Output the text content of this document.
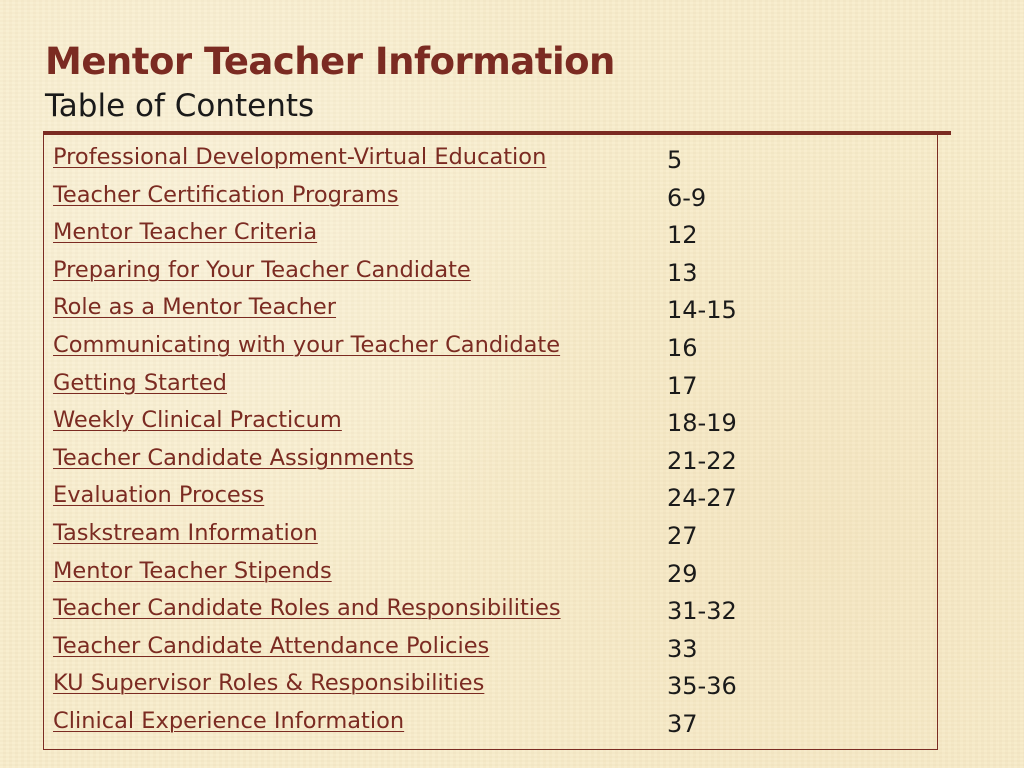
Mentor Teacher Information
Table of Contents
Professional Development-Virtual Education	5
Teacher Certification Programs	6-9
Mentor Teacher Criteria	12
Preparing for Your Teacher Candidate	13
Role as a Mentor Teacher	14-15
Communicating with your Teacher Candidate	16
Getting Started	17
Weekly Clinical Practicum	18-19
Teacher Candidate Assignments	21-22
Evaluation Process	24-27
Taskstream Information	27
Mentor Teacher Stipends	29
Teacher Candidate Roles and Responsibilities	31-32
Teacher Candidate Attendance Policies	33
KU Supervisor Roles & Responsibilities	35-36
Clinical Experience Information	37
